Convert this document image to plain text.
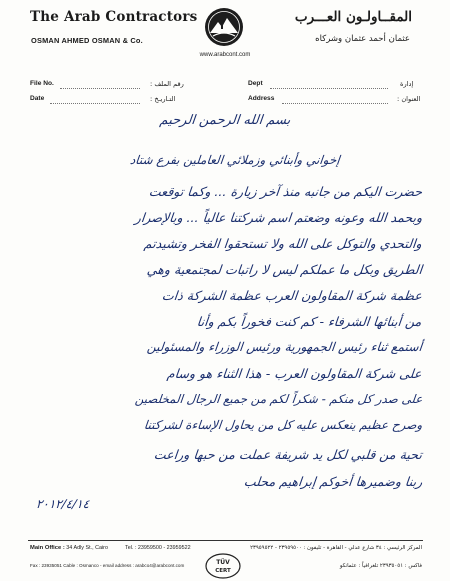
The Arab Contractors
OSMAN AHMED OSMAN & Co.
المقــاولـون العـــرب
عثمان أحمد عثمان وشركاه
www.arabcont.com
File No.	رقم الملف :
Date	التـاريـخ :
Dept	إدارة
Address	العنوان :
بسم الله الرحمن الرحيم
إخواني وأبنائي وزملائي العاملين بفرع شتاد
حضرت اليكم من جانبه منذ آخر زيارة ... وكما توقعت
وبحمد الله وعونه وضعتم اسم شركتنا عالياً ... وبالإصرار
والتحدي والتوكل على الله ولا تستحقوا الفخر وتشيدتم
الطريق وبكل ما عملكم ليس لا راتبات لمجتمعية وهي
عظمة شركة المقاولون العرب عظمة الشركة ذات
من أبنائها الشرفاء - كم كنت فخوراً بكم وأنا
أستمع ثناء رئيس الجمهورية ورئيس الوزراء والمسئولين
على شركة المقاولون العرب - هذا الثناء هو وسام
على صدر كل منكم - شكراً لكم من جميع الرجال المخلصين
وصرح عظيم ينعكس عليه كل من يحاول الإساءة لشركتنا
تحية من قلبي لكل يد شريفة عملت من حبها وراعت
ربنا وضميرها أخوكم إبراهيم محلب
٢٠١٢/٤/١٤
Main Office : 34 Adly St., Cairo	Tel. : 23959500 - 23959522
Fax : 23935051 Cable : Osmanco - email address : arabco4@arabcont.com	TÜV
CERT
المركز الرئيسي : ٣٤ شارع عدلي - القاهرة - تليفون : ٢٣٩٥٩٥٠٠ - ٢٣٩٥٩٥٢٢
فاكس : ٢٣٩٣٥٠٥١ تلغرافياً : عثمانكو
